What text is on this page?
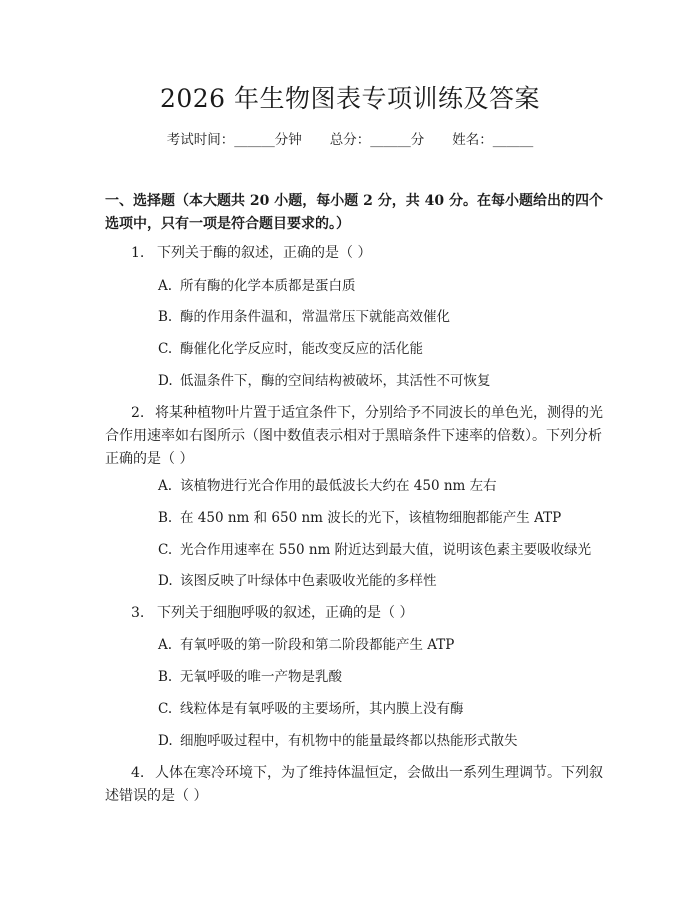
2026 年生物图表专项训练及答案
考试时间：______分钟 总分：______分 姓名：______
一、选择题（本大题共 20 小题，每小题 2 分，共 40 分。在每小题给出的四个选项中，只有一项是符合题目要求的。）
1. 下列关于酶的叙述，正确的是（ ）
A. 所有酶的化学本质都是蛋白质
B. 酶的作用条件温和，常温常压下就能高效催化
C. 酶催化化学反应时，能改变反应的活化能
D. 低温条件下，酶的空间结构被破坏，其活性不可恢复
2. 将某种植物叶片置于适宜条件下，分别给予不同波长的单色光，测得的光合作用速率如右图所示（图中数值表示相对于黑暗条件下速率的倍数）。下列分析正确的是（ ）
A. 该植物进行光合作用的最低波长大约在 450 nm 左右
B. 在 450 nm 和 650 nm 波长的光下，该植物细胞都能产生 ATP
C. 光合作用速率在 550 nm 附近达到最大值，说明该色素主要吸收绿光
D. 该图反映了叶绿体中色素吸收光能的多样性
3. 下列关于细胞呼吸的叙述，正确的是（ ）
A. 有氧呼吸的第一阶段和第二阶段都能产生 ATP
B. 无氧呼吸的唯一产物是乳酸
C. 线粒体是有氧呼吸的主要场所，其内膜上没有酶
D. 细胞呼吸过程中，有机物中的能量最终都以热能形式散失
4. 人体在寒冷环境下，为了维持体温恒定，会做出一系列生理调节。下列叙述错误的是（ ）
